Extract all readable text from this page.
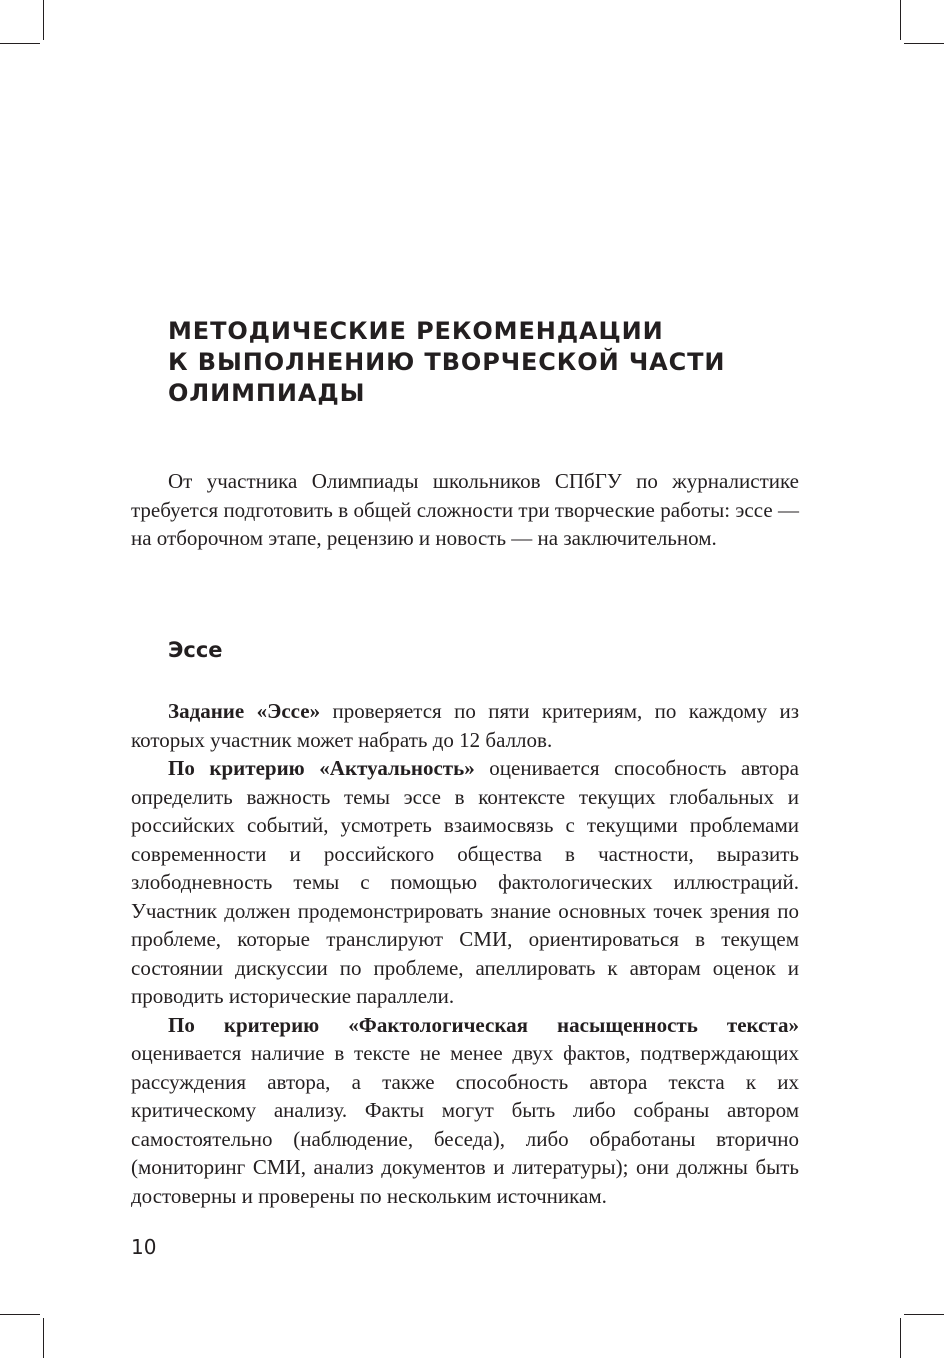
МЕТОДИЧЕСКИЕ РЕКОМЕНДАЦИИ
К ВЫПОЛНЕНИЮ ТВОРЧЕСКОЙ ЧАСТИ
ОЛИМПИАДЫ

От участника Олимпиады школьников СПбГУ по журналистике требуется подготовить в общей сложности три творческие работы: эссе — на отборочном этапе, рецензию и новость — на заключительном.

Эссе

Задание «Эссе» проверяется по пяти критериям, по каждому из которых участник может набрать до 12 баллов.

По критерию «Актуальность» оценивается способность автора определить важность темы эссе в контексте текущих глобальных и российских событий, усмотреть взаимосвязь с текущими проблемами современности и российского общества в частности, выразить злободневность темы с помощью фактологических иллюстраций. Участник должен продемонстрировать знание основных точек зрения по проблеме, которые транслируют СМИ, ориентироваться в текущем состоянии дискуссии по проблеме, апеллировать к авторам оценок и проводить исторические параллели.

По критерию «Фактологическая насыщенность текста» оценивается наличие в тексте не менее двух фактов, подтверждающих рассуждения автора, а также способность автора текста к их критическому анализу. Факты могут быть либо собраны автором самостоятельно (наблюдение, беседа), либо обработаны вторично (мониторинг СМИ, анализ документов и литературы); они должны быть достоверны и проверены по нескольким источникам.

10
